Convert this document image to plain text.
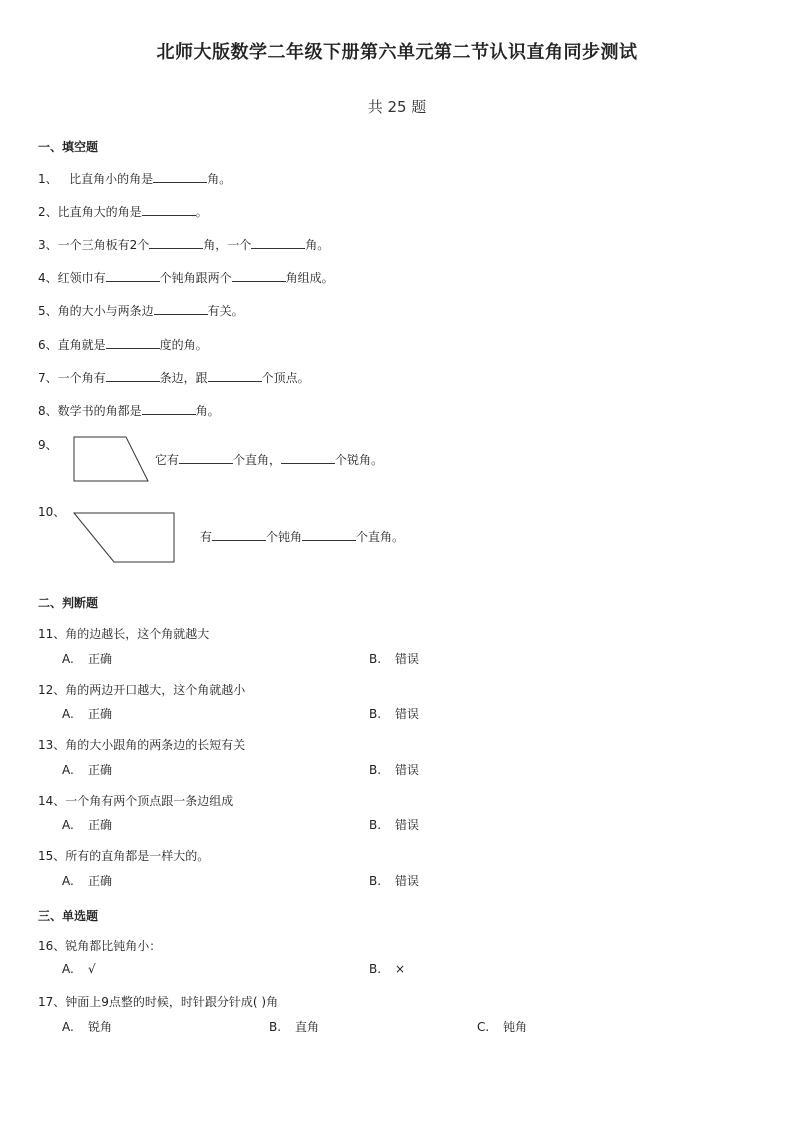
北师大版数学二年级下册第六单元第二节认识直角同步测试
共 25 题
一、填空题
1、 比直角小的角是	角。
2、比直角大的角是	。
3、一个三角板有2个	角，一个	角。
4、红领巾有	个钝角跟两个	角组成。
5、角的大小与两条边	有关。
6、直角就是	度的角。
7、一个角有	条边，跟	个顶点。
8、数学书的角都是	角。
9、
它有	个直角，	个锐角。
10、
有	个钝角	个直角。
二、判断题
11、角的边越长，这个角就越大
A. 正确	B. 错误
12、角的两边开口越大，这个角就越小
A. 正确	B. 错误
13、角的大小跟角的两条边的长短有关
A. 正确	B. 错误
14、一个角有两个顶点跟一条边组成
A. 正确	B. 错误
15、所有的直角都是一样大的。
A. 正确	B. 错误
三、单选题
16、锐角都比钝角小：
A. √	B. ×
17、钟面上9点整的时候，时针跟分针成( )角
A. 锐角	B. 直角	C. 钝角
